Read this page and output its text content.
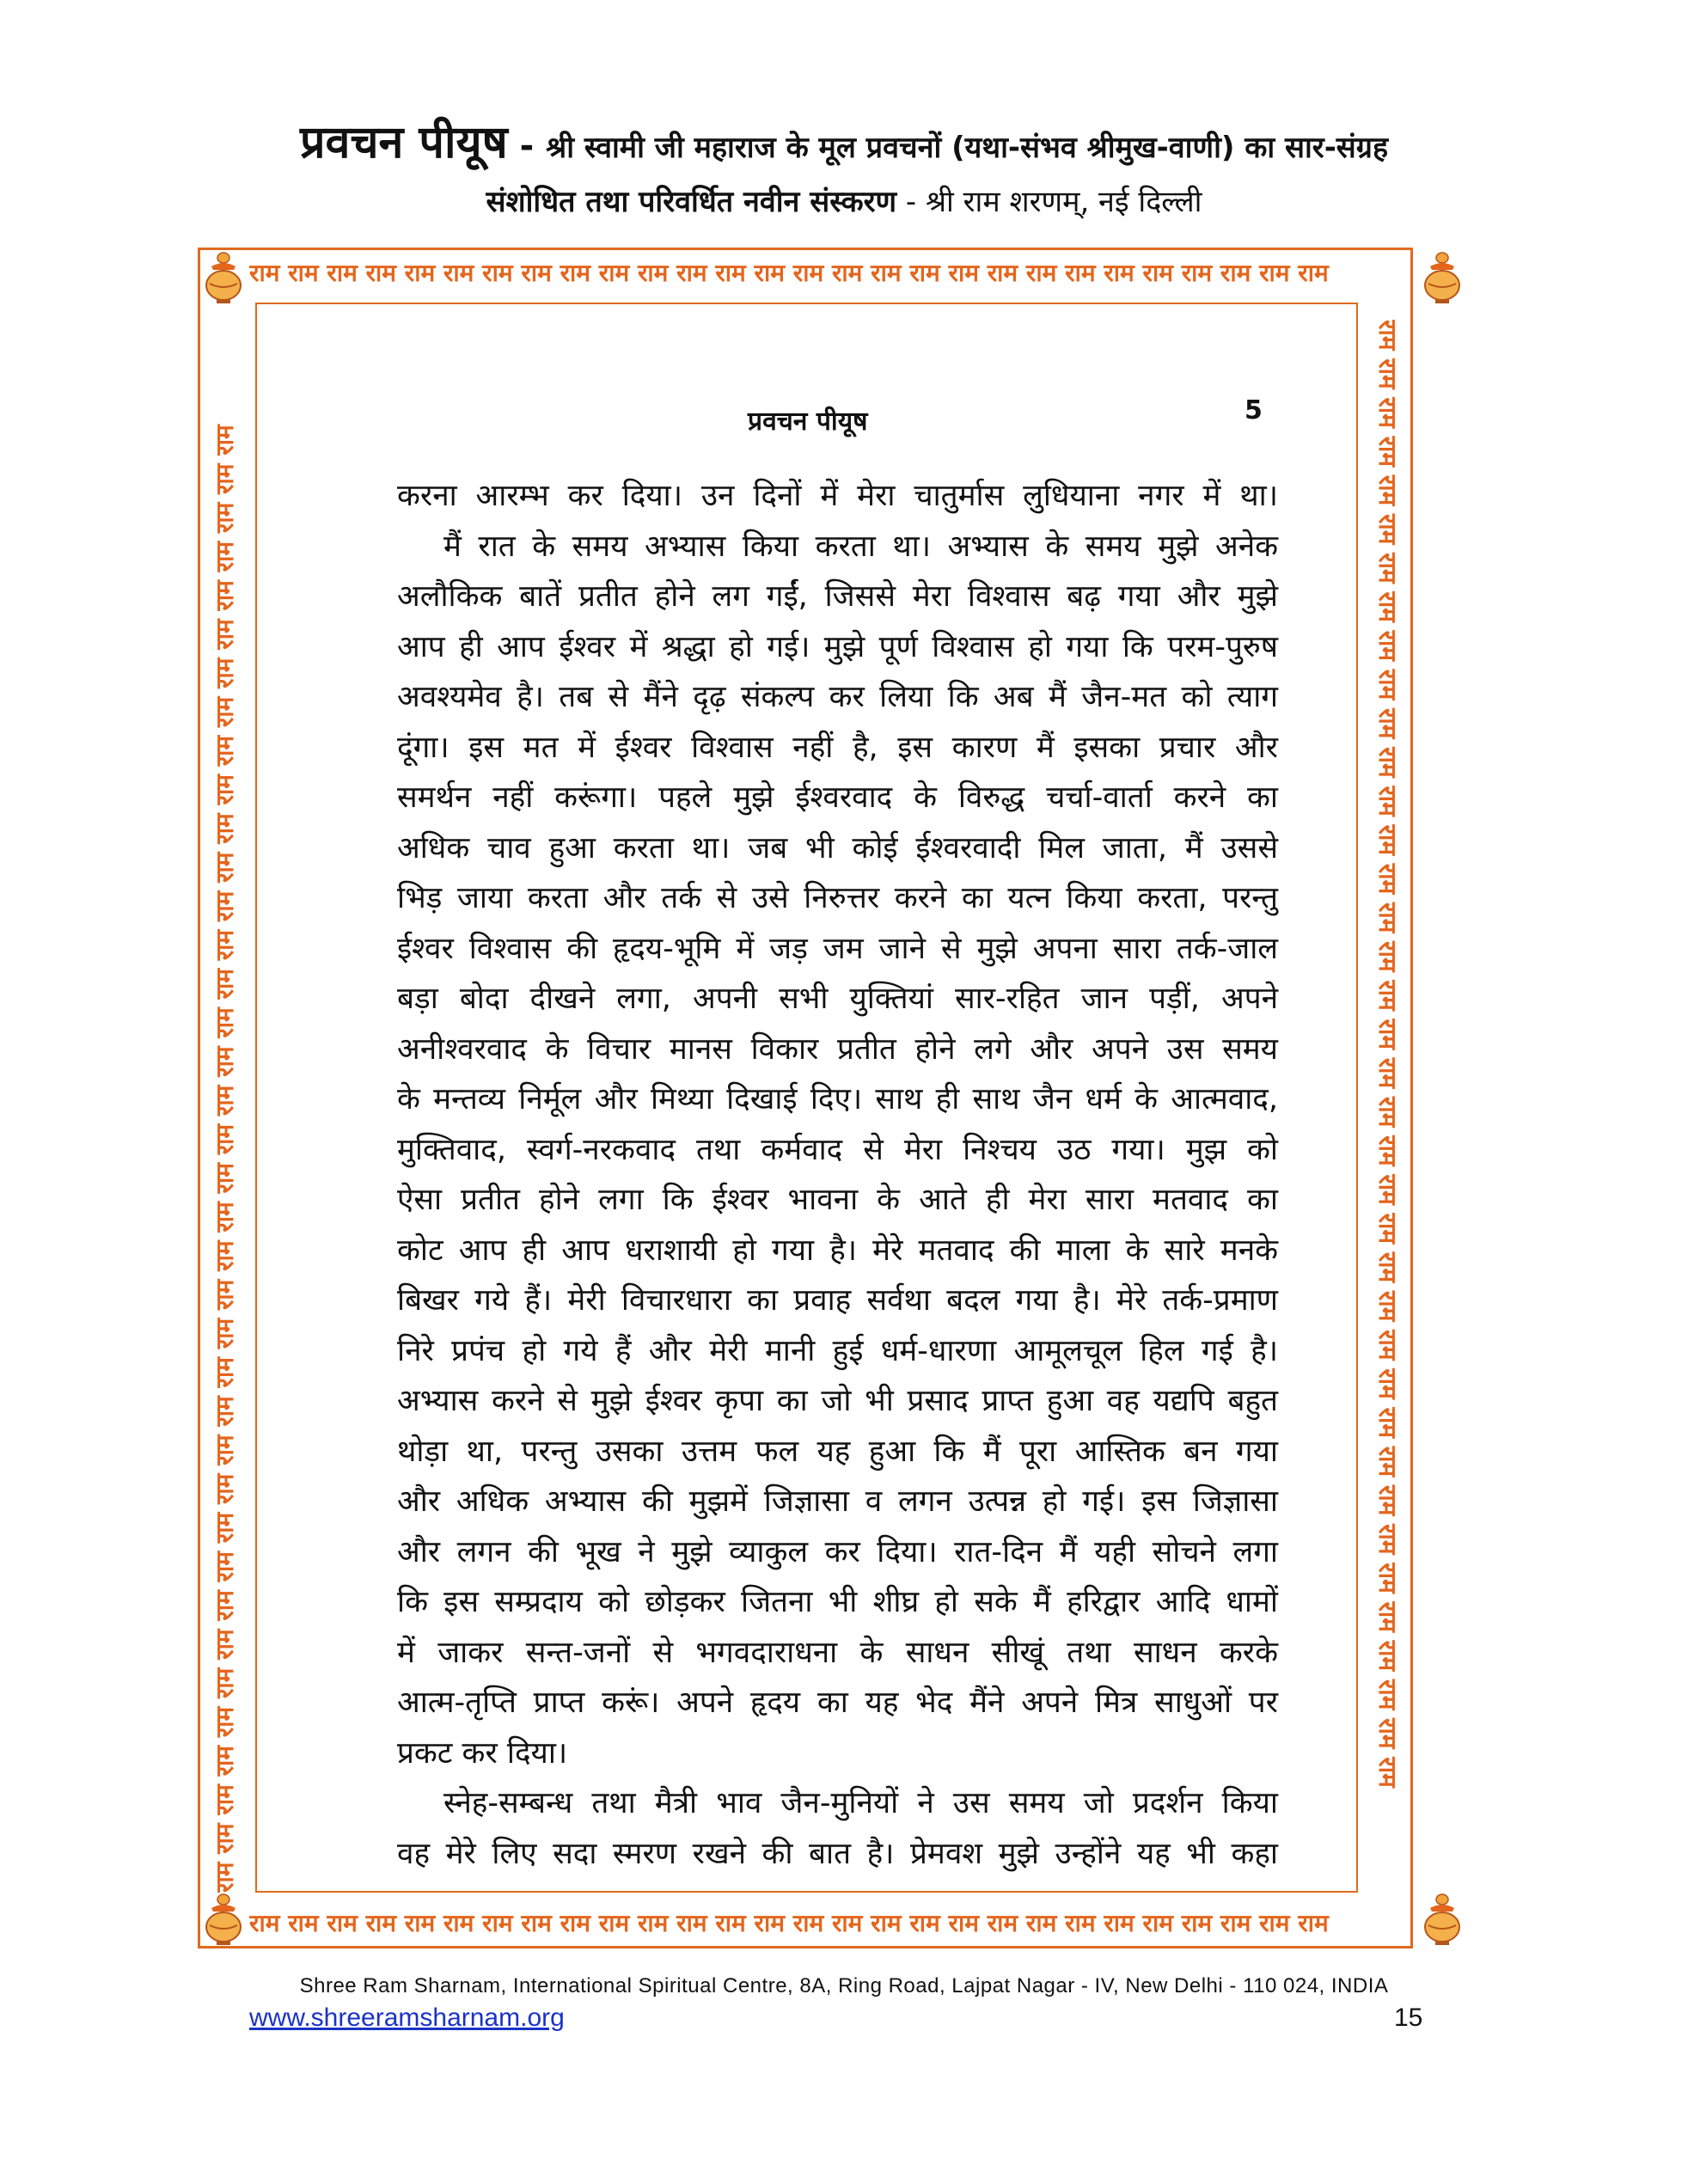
प्रवचन पीयूष - श्री स्वामी जी महाराज के मूल प्रवचनों (यथा-संभव श्रीमुख-वाणी) का सार-संग्रह
संशोधित तथा परिवर्धित नवीन संस्करण - श्री राम शरणम्, नई दिल्ली
राम राम राम राम राम राम राम राम राम राम राम राम राम राम राम राम राम राम राम राम राम राम राम राम राम राम राम राम
राम राम राम राम राम राम राम राम राम राम राम राम राम राम राम राम राम राम राम राम राम राम राम राम राम राम राम राम
राम राम राम राम राम राम राम राम राम राम राम राम राम राम राम राम राम राम राम राम राम राम राम राम राम राम राम राम राम राम राम राम राम राम राम राम राम राम	राम राम राम राम राम राम राम राम राम राम राम राम राम राम राम राम राम राम राम राम राम राम राम राम राम राम राम राम राम राम राम राम राम राम राम राम राम राम
प्रवचन पीयूष	5

करना आरम्भ कर दिया। उन दिनों में मेरा चातुर्मास लुधियाना नगर में था।

मैं रात के समय अभ्यास किया करता था। अभ्यास के समय मुझे अनेक

अलौकिक बातें प्रतीत होने लग गईं, जिससे मेरा विश्वास बढ़ गया और मुझे

आप ही आप ईश्वर में श्रद्धा हो गई। मुझे पूर्ण विश्वास हो गया कि परम-पुरुष

अवश्यमेव है। तब से मैंने दृढ़ संकल्प कर लिया कि अब मैं जैन-मत को त्याग

दूंगा। इस मत में ईश्वर विश्वास नहीं है, इस कारण मैं इसका प्रचार और

समर्थन नहीं करूंगा। पहले मुझे ईश्वरवाद के विरुद्ध चर्चा-वार्ता करने का

अधिक चाव हुआ करता था। जब भी कोई ईश्वरवादी मिल जाता, मैं उससे

भिड़ जाया करता और तर्क से उसे निरुत्तर करने का यत्न किया करता, परन्तु

ईश्वर विश्वास की हृदय-भूमि में जड़ जम जाने से मुझे अपना सारा तर्क-जाल

बड़ा बोदा दीखने लगा, अपनी सभी युक्तियां सार-रहित जान पड़ीं, अपने

अनीश्वरवाद के विचार मानस विकार प्रतीत होने लगे और अपने उस समय

के मन्तव्य निर्मूल और मिथ्या दिखाई दिए। साथ ही साथ जैन धर्म के आत्मवाद,

मुक्तिवाद, स्वर्ग-नरकवाद तथा कर्मवाद से मेरा निश्चय उठ गया। मुझ को

ऐसा प्रतीत होने लगा कि ईश्वर भावना के आते ही मेरा सारा मतवाद का

कोट आप ही आप धराशायी हो गया है। मेरे मतवाद की माला के सारे मनके

बिखर गये हैं। मेरी विचारधारा का प्रवाह सर्वथा बदल गया है। मेरे तर्क-प्रमाण

निरे प्रपंच हो गये हैं और मेरी मानी हुई धर्म-धारणा आमूलचूल हिल गई है।

अभ्यास करने से मुझे ईश्वर कृपा का जो भी प्रसाद प्राप्त हुआ वह यद्यपि बहुत

थोड़ा था, परन्तु उसका उत्तम फल यह हुआ कि मैं पूरा आस्तिक बन गया

और अधिक अभ्यास की मुझमें जिज्ञासा व लगन उत्पन्न हो गई। इस जिज्ञासा

और लगन की भूख ने मुझे व्याकुल कर दिया। रात-दिन मैं यही सोचने लगा

कि इस सम्प्रदाय को छोड़कर जितना भी शीघ्र हो सके मैं हरिद्वार आदि धामों

में जाकर सन्त-जनों से भगवदाराधना के साधन सीखूं तथा साधन करके

आत्म-तृप्ति प्राप्त करूं। अपने हृदय का यह भेद मैंने अपने मित्र साधुओं पर

प्रकट कर दिया।

स्नेह-सम्बन्ध तथा मैत्री भाव जैन-मुनियों ने उस समय जो प्रदर्शन किया

वह मेरे लिए सदा स्मरण रखने की बात है। प्रेमवश मुझे उन्होंने यह भी कहा

Shree Ram Sharnam, International Spiritual Centre, 8A, Ring Road, Lajpat Nagar - IV, New Delhi - 110 024, INDIA
www.shreeramsharnam.org	15
